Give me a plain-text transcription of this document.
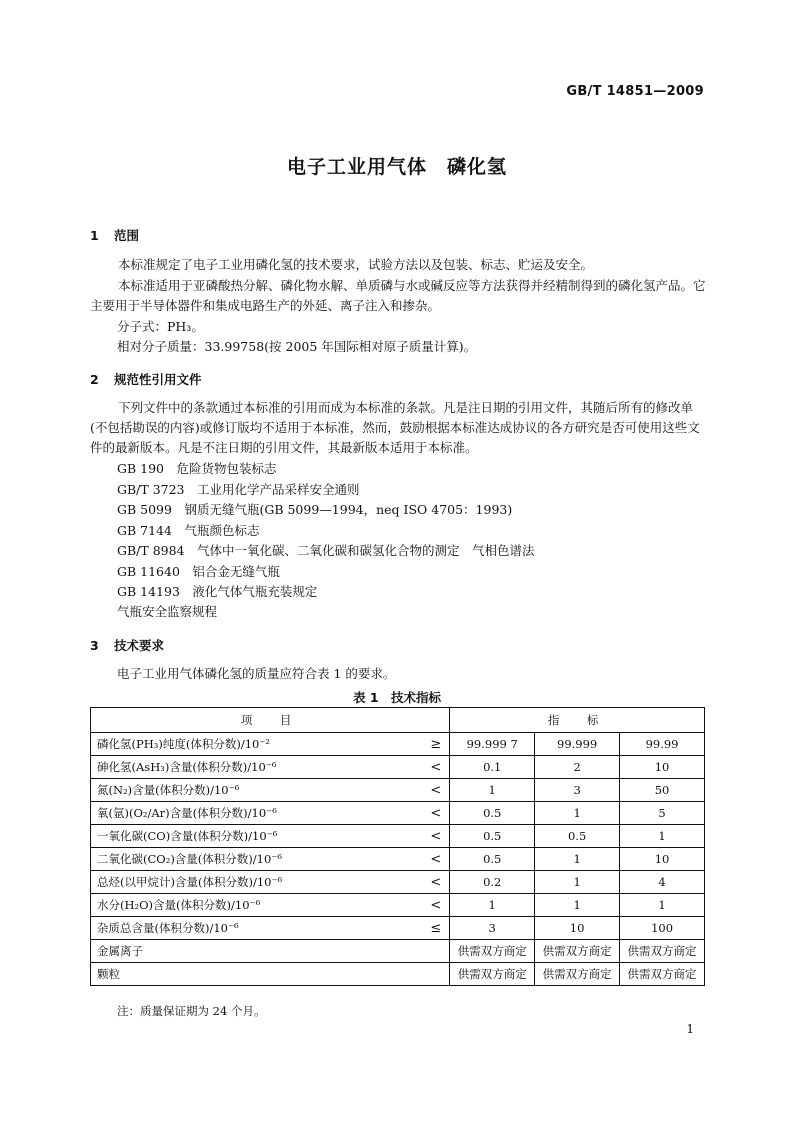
GB/T 14851—2009
电子工业用气体　磷化氢
1 范围
本标准规定了电子工业用磷化氢的技术要求，试验方法以及包装、标志、贮运及安全。
本标准适用于亚磷酸热分解、磷化物水解、单质磷与水或碱反应等方法获得并经精制得到的磷化氢产品。它主要用于半导体器件和集成电路生产的外延、离子注入和掺杂。
分子式：PH₃。
相对分子质量：33.99758(按 2005 年国际相对原子质量计算)。
2 规范性引用文件
下列文件中的条款通过本标准的引用而成为本标准的条款。凡是注日期的引用文件，其随后所有的修改单(不包括勘误的内容)或修订版均不适用于本标准，然而，鼓励根据本标准达成协议的各方研究是否可使用这些文件的最新版本。凡是不注日期的引用文件，其最新版本适用于本标准。
GB 190　危险货物包装标志
GB/T 3723　工业用化学产品采样安全通则
GB 5099　钢质无缝气瓶(GB 5099—1994，neq ISO 4705：1993)
GB 7144　气瓶颜色标志
GB/T 8984　气体中一氧化碳、二氧化碳和碳氢化合物的测定　气相色谱法
GB 11640　铝合金无缝气瓶
GB 14193　液化气体气瓶充装规定
气瓶安全监察规程
3 技术要求
电子工业用气体磷化氢的质量应符合表 1 的要求。
表 1　技术指标
项　目		指　标		
磷化氢(PH₃)纯度(体积分数)/10⁻²	≥	99.999 7	99.999	99.99
砷化氢(AsH₃)含量(体积分数)/10⁻⁶	<	0.1	2	10
氮(N₂)含量(体积分数)/10⁻⁶	<	1	3	50
氧(氩)(O₂/Ar)含量(体积分数)/10⁻⁶	<	0.5	1	5
一氧化碳(CO)含量(体积分数)/10⁻⁶	<	0.5	0.5	1
二氧化碳(CO₂)含量(体积分数)/10⁻⁶	<	0.5	1	10
总烃(以甲烷计)含量(体积分数)/10⁻⁶	<	0.2	1	4
水分(H₂O)含量(体积分数)/10⁻⁶	<	1	1	1
杂质总含量(体积分数)/10⁻⁶	≤	3	10	100
金属离子		供需双方商定	供需双方商定	供需双方商定
颗粒		供需双方商定	供需双方商定	供需双方商定
注：质量保证期为 24 个月。
1
